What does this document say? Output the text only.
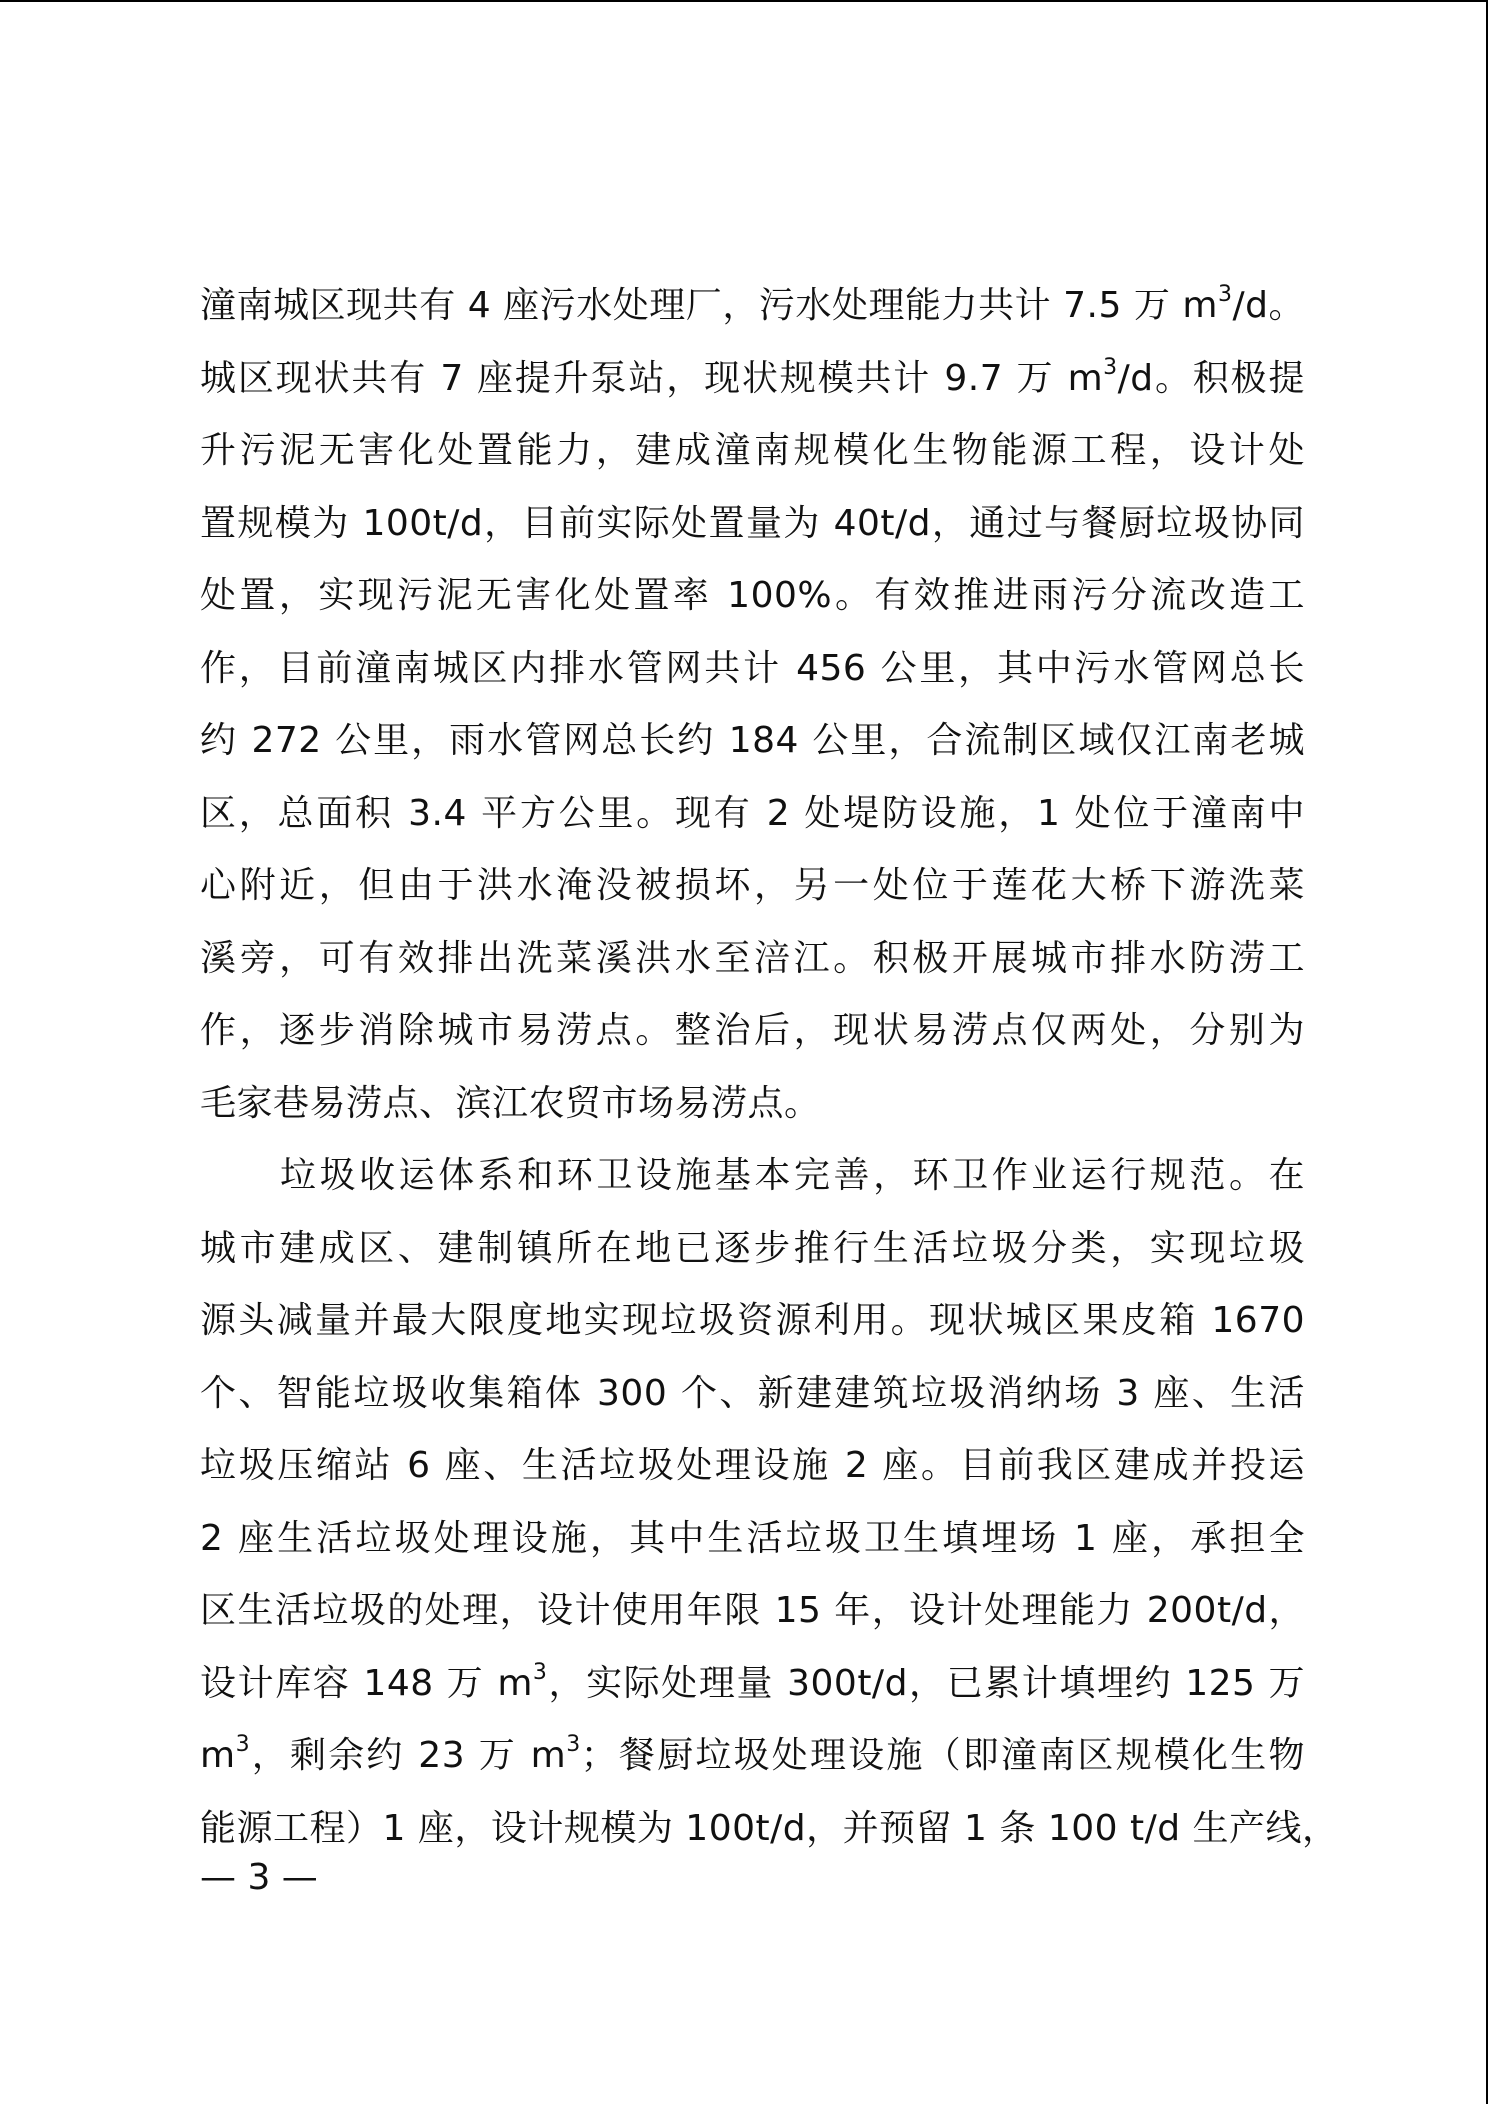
潼南城区现共有 4 座污水处理厂，污水处理能力共计 7.5 万 $m^3/d$。
城区现状共有 7 座提升泵站，现状规模共计 9.7 万 $m^3/d$。积极提
升污泥无害化处置能力，建成潼南规模化生物能源工程，设计处
置规模为 100t/d，目前实际处置量为 40t/d，通过与餐厨垃圾协同
处置，实现污泥无害化处置率 100%。有效推进雨污分流改造工
作，目前潼南城区内排水管网共计 456 公里，其中污水管网总长
约 272 公里，雨水管网总长约 184 公里，合流制区域仅江南老城
区，总面积 3.4 平方公里。现有 2 处堤防设施，1 处位于潼南中
心附近，但由于洪水淹没被损坏，另一处位于莲花大桥下游洗菜
溪旁，可有效排出洗菜溪洪水至涪江。积极开展城市排水防涝工
作，逐步消除城市易涝点。整治后，现状易涝点仅两处，分别为
毛家巷易涝点、滨江农贸市场易涝点。
垃圾收运体系和环卫设施基本完善，环卫作业运行规范。在
城市建成区、建制镇所在地已逐步推行生活垃圾分类，实现垃圾
源头减量并最大限度地实现垃圾资源利用。现状城区果皮箱 1670
个、智能垃圾收集箱体 300 个、新建建筑垃圾消纳场 3 座、生活
垃圾压缩站 6 座、生活垃圾处理设施 2 座。目前我区建成并投运
2 座生活垃圾处理设施，其中生活垃圾卫生填埋场 1 座，承担全
区生活垃圾的处理，设计使用年限 15 年，设计处理能力 200t/d，
设计库容 148 万 $m^3$，实际处理量 300t/d，已累计填埋约 125 万
$m^3$，剩余约 23 万 $m^3$；餐厨垃圾处理设施（即潼南区规模化生物
能源工程）1 座，设计规模为 100t/d，并预留 1 条 100 t/d 生产线，
— 3 —
